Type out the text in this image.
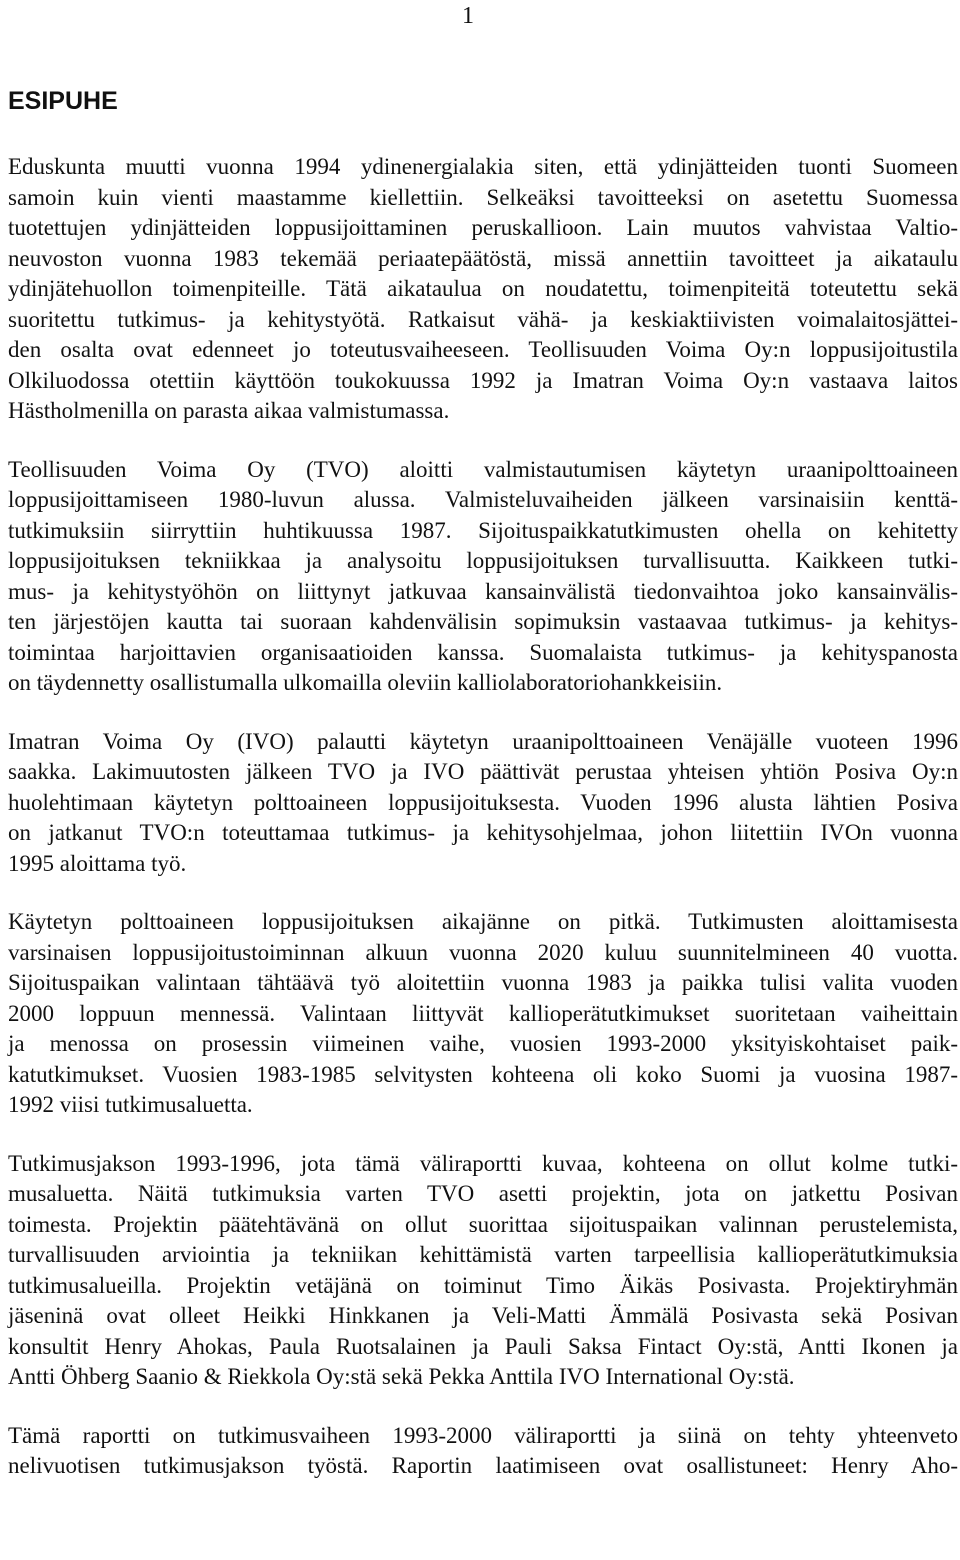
1
ESIPUHE

Eduskunta muutti vuonna 1994 ydinenergialakia siten, että ydinjätteiden tuonti Suomeen
samoin kuin vienti maastamme kiellettiin. Selkeäksi tavoitteeksi on asetettu Suomessa
tuotettujen ydinjätteiden loppusijoittaminen peruskallioon. Lain muutos vahvistaa Valtio-
neuvoston vuonna 1983 tekemää periaatepäätöstä, missä annettiin tavoitteet ja aikataulu
ydinjätehuollon toimenpiteille. Tätä aikataulua on noudatettu, toimenpiteitä toteutettu sekä
suoritettu tutkimus- ja kehitystyötä. Ratkaisut vähä- ja keskiaktiivisten voimalaitosjättei-
den osalta ovat edenneet jo toteutusvaiheeseen. Teollisuuden Voima Oy:n loppusijoitustila
Olkiluodossa otettiin käyttöön toukokuussa 1992 ja Imatran Voima Oy:n vastaava laitos
Hästholmenilla on parasta aikaa valmistumassa.

Teollisuuden Voima Oy (TVO) aloitti valmistautumisen käytetyn uraanipolttoaineen
loppusijoittamiseen 1980-luvun alussa. Valmisteluvaiheiden jälkeen varsinaisiin kenttä-
tutkimuksiin siirryttiin huhtikuussa 1987. Sijoituspaikkatutkimusten ohella on kehitetty
loppusijoituksen tekniikkaa ja analysoitu loppusijoituksen turvallisuutta. Kaikkeen tutki-
mus- ja kehitystyöhön on liittynyt jatkuvaa kansainvälistä tiedonvaihtoa joko kansainvälis-
ten järjestöjen kautta tai suoraan kahdenvälisin sopimuksin vastaavaa tutkimus- ja kehitys-
toimintaa harjoittavien organisaatioiden kanssa. Suomalaista tutkimus- ja kehityspanosta
on täydennetty osallistumalla ulkomailla oleviin kalliolaboratoriohankkeisiin.

Imatran Voima Oy (IVO) palautti käytetyn uraanipolttoaineen Venäjälle vuoteen 1996
saakka. Lakimuutosten jälkeen TVO ja IVO päättivät perustaa yhteisen yhtiön Posiva Oy:n
huolehtimaan käytetyn polttoaineen loppusijoituksesta. Vuoden 1996 alusta lähtien Posiva
on jatkanut TVO:n toteuttamaa tutkimus- ja kehitysohjelmaa, johon liitettiin IVOn vuonna
1995 aloittama työ.

Käytetyn polttoaineen loppusijoituksen aikajänne on pitkä. Tutkimusten aloittamisesta
varsinaisen loppusijoitustoiminnan alkuun vuonna 2020 kuluu suunnitelmineen 40 vuotta.
Sijoituspaikan valintaan tähtäävä työ aloitettiin vuonna 1983 ja paikka tulisi valita vuoden
2000 loppuun mennessä. Valintaan liittyvät kallioperätutkimukset suoritetaan vaiheittain
ja menossa on prosessin viimeinen vaihe, vuosien 1993-2000 yksityiskohtaiset paik-
katutkimukset. Vuosien 1983-1985 selvitysten kohteena oli koko Suomi ja vuosina 1987-
1992 viisi tutkimusaluetta.

Tutkimusjakson 1993-1996, jota tämä väliraportti kuvaa, kohteena on ollut kolme tutki-
musaluetta. Näitä tutkimuksia varten TVO asetti projektin, jota on jatkettu Posivan
toimesta. Projektin päätehtävänä on ollut suorittaa sijoituspaikan valinnan perustelemista,
turvallisuuden arviointia ja tekniikan kehittämistä varten tarpeellisia kallioperätutkimuksia
tutkimusalueilla. Projektin vetäjänä on toiminut Timo Äikäs Posivasta. Projektiryhmän
jäseninä ovat olleet Heikki Hinkkanen ja Veli-Matti Ämmälä Posivasta sekä Posivan
konsultit Henry Ahokas, Paula Ruotsalainen ja Pauli Saksa Fintact Oy:stä, Antti Ikonen ja
Antti Öhberg Saanio & Riekkola Oy:stä sekä Pekka Anttila IVO International Oy:stä.

Tämä raportti on tutkimusvaiheen 1993-2000 väliraportti ja siinä on tehty yhteenveto
nelivuotisen tutkimusjakson työstä. Raportin laatimiseen ovat osallistuneet: Henry Aho-
